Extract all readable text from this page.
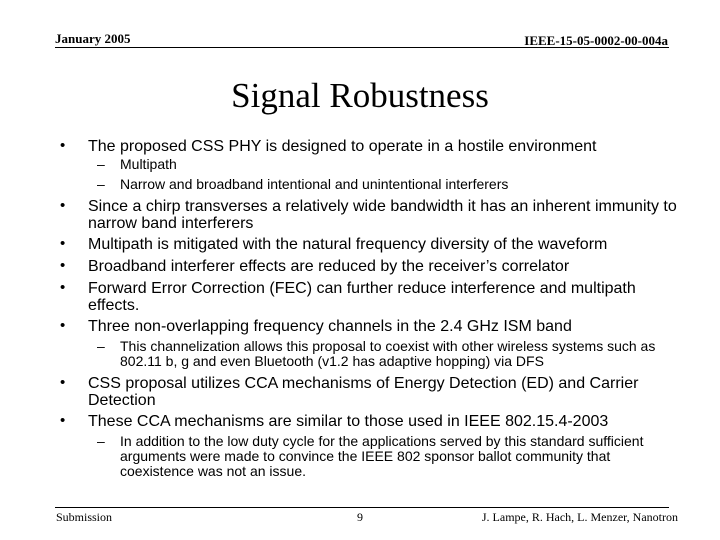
January 2005	IEEE-15-05-0002-00-004a
Signal Robustness
• The proposed CSS PHY is designed to operate in a hostile environment
–	Multipath
–	Narrow and broadband intentional and unintentional interferers
• Since a chirp transverses a relatively wide bandwidth it has an inherent immunity to narrow band interferers
• Multipath is mitigated with the natural frequency diversity of the waveform
• Broadband interferer effects are reduced by the receiver’s correlator
• Forward Error Correction (FEC) can further reduce interference and multipath effects.
• Three non-overlapping frequency channels in the 2.4 GHz ISM band
–	This channelization allows this proposal to coexist with other wireless systems such as 802.11 b, g and even Bluetooth (v1.2 has adaptive hopping) via DFS
• CSS proposal utilizes CCA mechanisms of Energy Detection (ED) and Carrier Detection
• These CCA mechanisms are similar to those used in IEEE 802.15.4-2003
–	In addition to the low duty cycle for the applications served by this standard sufficient arguments were made to convince the IEEE 802 sponsor ballot community that coexistence was not an issue.
Submission	9	J. Lampe, R. Hach, L. Menzer, Nanotron
